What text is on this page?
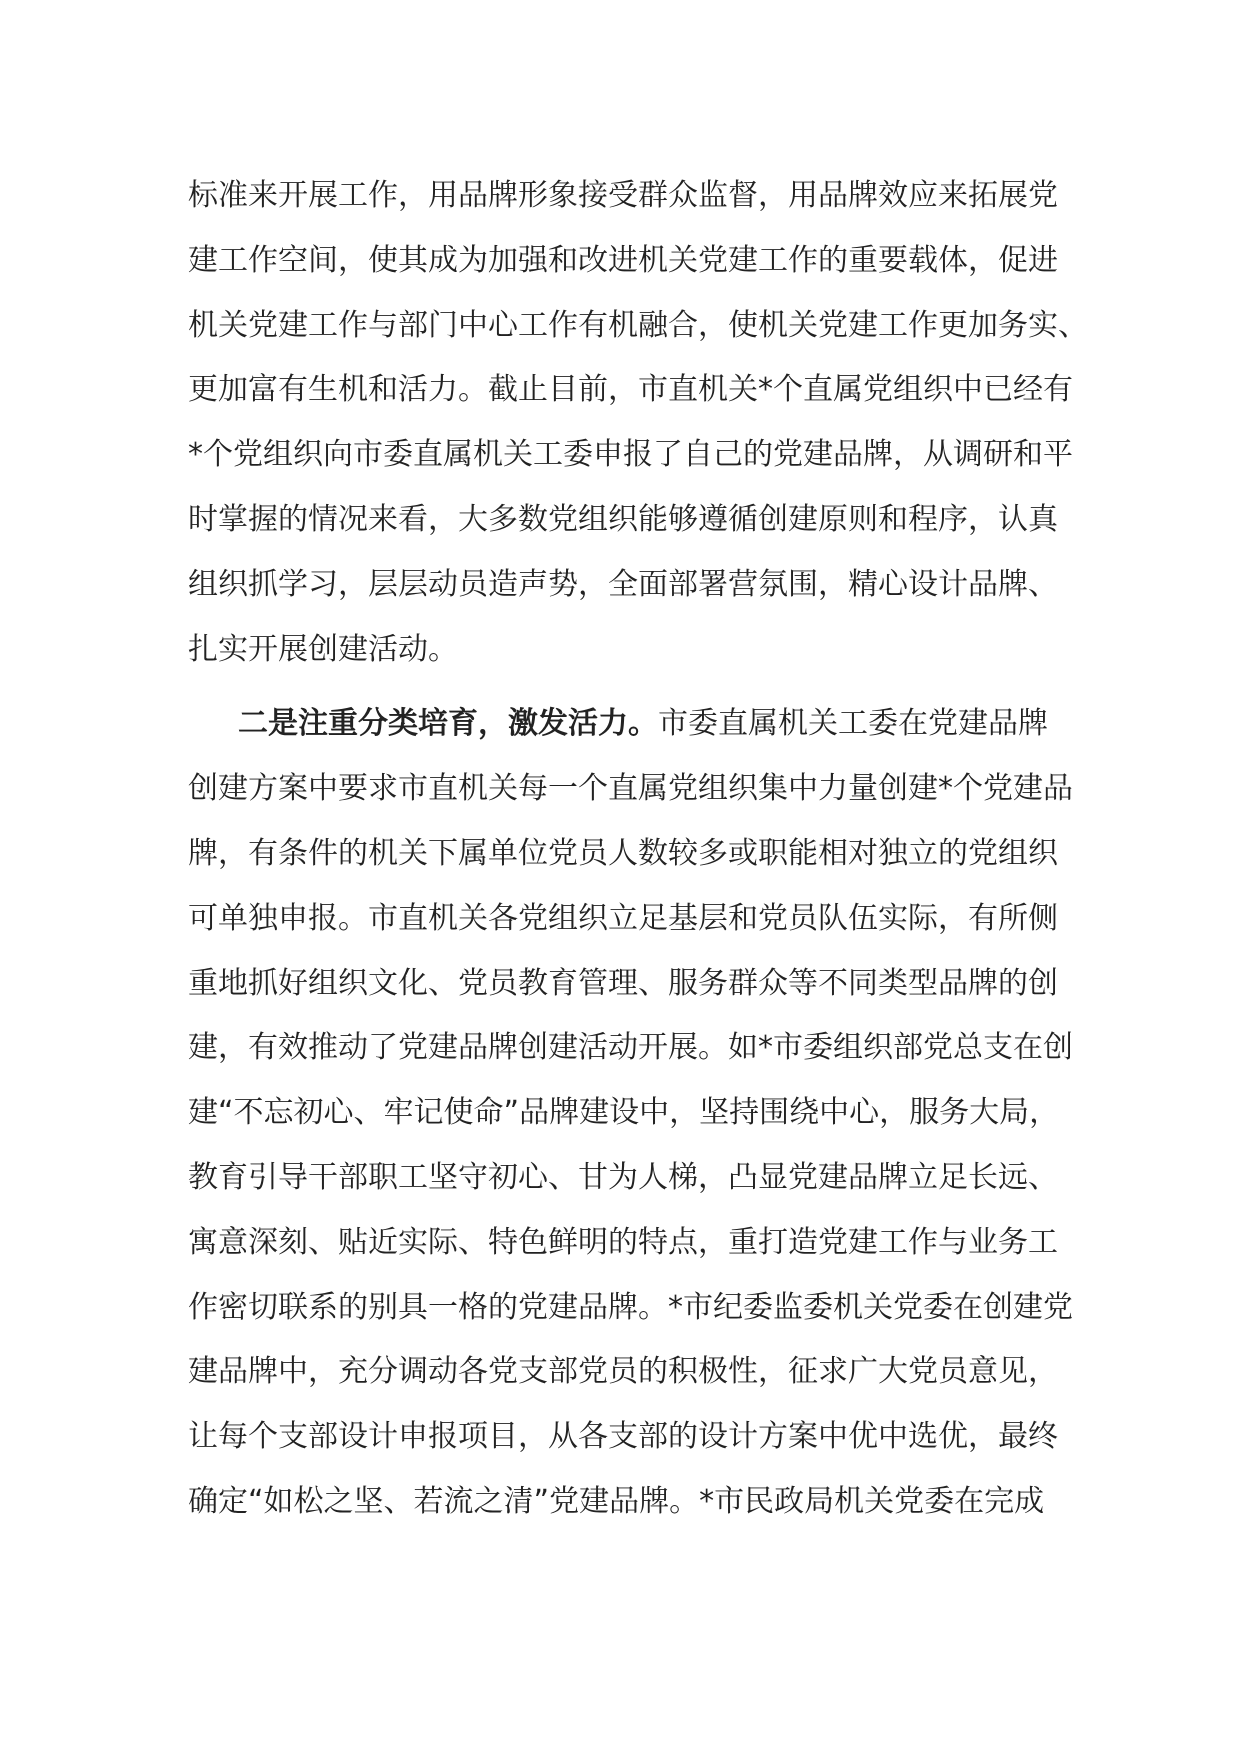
标准来开展工作，用品牌形象接受群众监督，用品牌效应来拓展党
建工作空间，使其成为加强和改进机关党建工作的重要载体，促进
机关党建工作与部门中心工作有机融合，使机关党建工作更加务实、
更加富有生机和活力。截止目前，市直机关*个直属党组织中已经有
*个党组织向市委直属机关工委申报了自己的党建品牌，从调研和平
时掌握的情况来看，大多数党组织能够遵循创建原则和程序，认真
组织抓学习，层层动员造声势，全面部署营氛围，精心设计品牌、
扎实开展创建活动。
二是注重分类培育，激发活力。市委直属机关工委在党建品牌
创建方案中要求市直机关每一个直属党组织集中力量创建*个党建品
牌，有条件的机关下属单位党员人数较多或职能相对独立的党组织
可单独申报。市直机关各党组织立足基层和党员队伍实际，有所侧
重地抓好组织文化、党员教育管理、服务群众等不同类型品牌的创
建，有效推动了党建品牌创建活动开展。如*市委组织部党总支在创
建“不忘初心、牢记使命”品牌建设中，坚持围绕中心，服务大局，
教育引导干部职工坚守初心、甘为人梯，凸显党建品牌立足长远、
寓意深刻、贴近实际、特色鲜明的特点，重打造党建工作与业务工
作密切联系的别具一格的党建品牌。*市纪委监委机关党委在创建党
建品牌中，充分调动各党支部党员的积极性，征求广大党员意见，
让每个支部设计申报项目，从各支部的设计方案中优中选优，最终
确定“如松之坚、若流之清”党建品牌。*市民政局机关党委在完成
